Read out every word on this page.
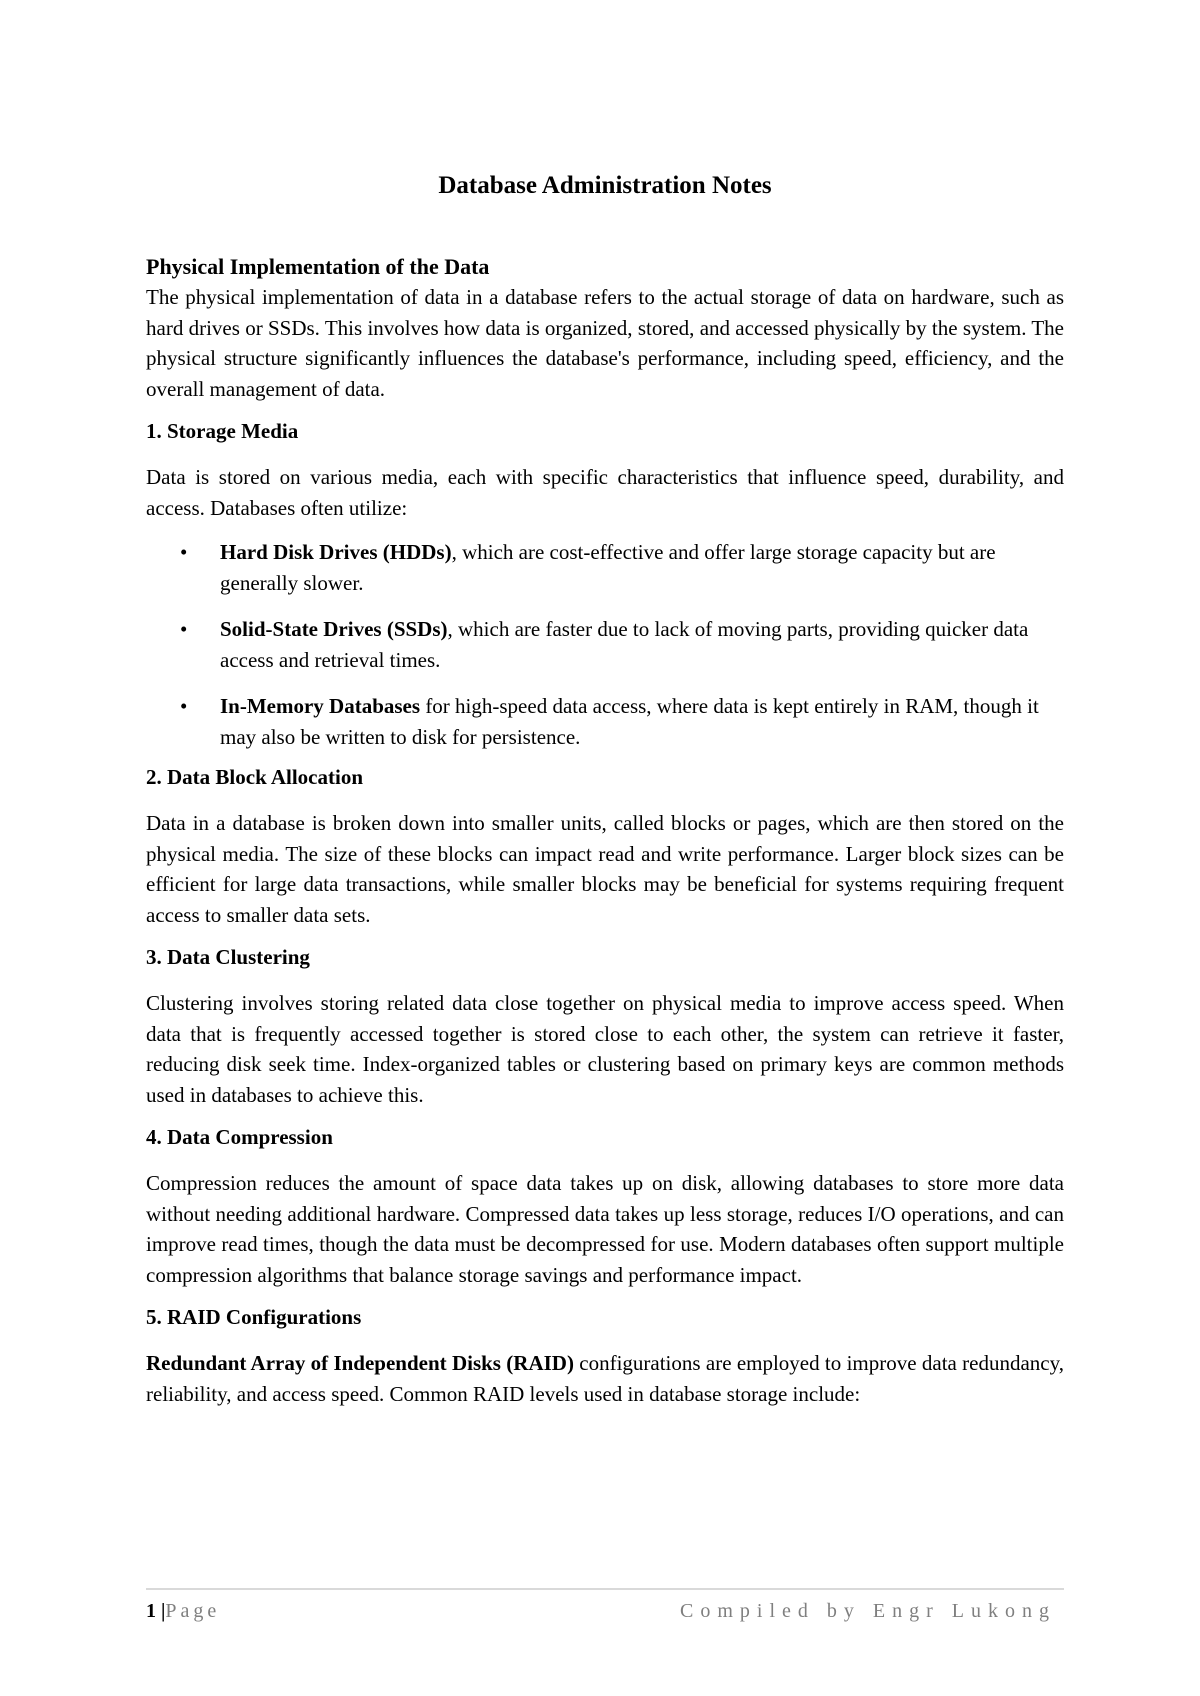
Database Administration Notes
Physical Implementation of the Data

The physical implementation of data in a database refers to the actual storage of data on hardware, such as hard drives or SSDs. This involves how data is organized, stored, and accessed physically by the system. The physical structure significantly influences the database's performance, including speed, efficiency, and the overall management of data.

1. Storage Media

Data is stored on various media, each with specific characteristics that influence speed, durability, and access. Databases often utilize:

• Hard Disk Drives (HDDs), which are cost-effective and offer large storage capacity but are generally slower.
• Solid-State Drives (SSDs), which are faster due to lack of moving parts, providing quicker data access and retrieval times.
• In-Memory Databases for high-speed data access, where data is kept entirely in RAM, though it may also be written to disk for persistence.
2. Data Block Allocation

Data in a database is broken down into smaller units, called blocks or pages, which are then stored on the physical media. The size of these blocks can impact read and write performance. Larger block sizes can be efficient for large data transactions, while smaller blocks may be beneficial for systems requiring frequent access to smaller data sets.

3. Data Clustering

Clustering involves storing related data close together on physical media to improve access speed. When data that is frequently accessed together is stored close to each other, the system can retrieve it faster, reducing disk seek time. Index-organized tables or clustering based on primary keys are common methods used in databases to achieve this.

4. Data Compression

Compression reduces the amount of space data takes up on disk, allowing databases to store more data without needing additional hardware. Compressed data takes up less storage, reduces I/O operations, and can improve read times, though the data must be decompressed for use. Modern databases often support multiple compression algorithms that balance storage savings and performance impact.

5. RAID Configurations

Redundant Array of Independent Disks (RAID) configurations are employed to improve data redundancy, reliability, and access speed. Common RAID levels used in database storage include:

1 |Page	Compiled by Engr Lukong
